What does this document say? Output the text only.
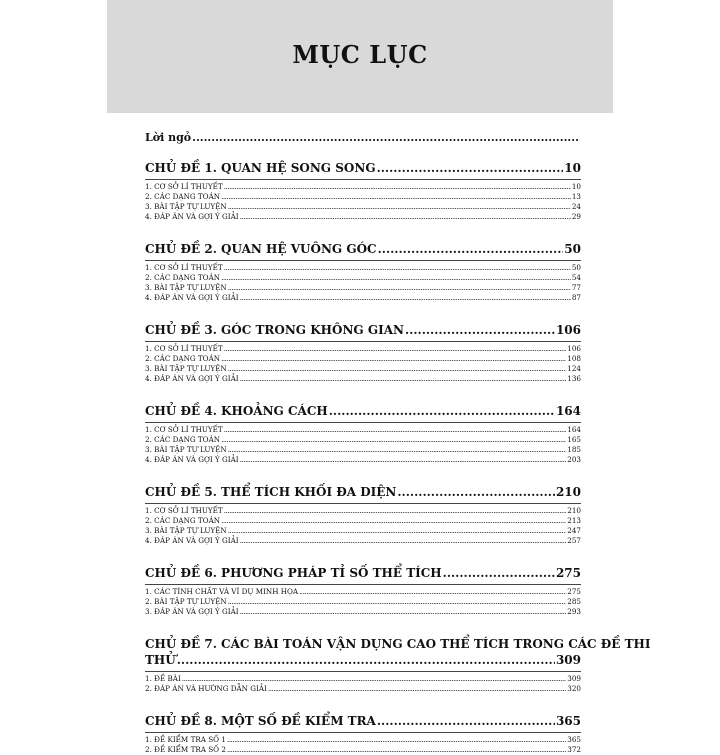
MỤC LỤC
Lời ngỏ
.....
CHỦ ĐỀ 1. QUAN HỆ SONG SONG .....	10
1. CƠ SỞ LÍ THUYẾT .....	10
2. CÁC DẠNG TOÁN .....	13
3. BÀI TẬP TỰ LUYỆN .....	24
4. ĐÁP ÁN VÀ GỢI Ý GIẢI .....	29
CHỦ ĐỀ 2. QUAN HỆ VUÔNG GÓC .....	50
1. CƠ SỞ LÍ THUYẾT .....	50
2. CÁC DẠNG TOÁN .....	54
3. BÀI TẬP TỰ LUYỆN .....	77
4. ĐÁP ÁN VÀ GỢI Ý GIẢI .....	87
CHỦ ĐỀ 3. GÓC TRONG KHÔNG GIAN .....	106
1. CƠ SỞ LÍ THUYẾT .....	106
2. CÁC DẠNG TOÁN .....	108
3. BÀI TẬP TỰ LUYỆN .....	124
4. ĐÁP ÁN VÀ GỢI Ý GIẢI .....	136
CHỦ ĐỀ 4. KHOẢNG CÁCH .....	164
1. CƠ SỞ LÍ THUYẾT .....	164
2. CÁC DẠNG TOÁN .....	165
3. BÀI TẬP TỰ LUYỆN .....	185
4. ĐÁP ÁN VÀ GỢI Ý GIẢI .....	203
CHỦ ĐỀ 5. THỂ TÍCH KHỐI ĐA DIỆN .....	210
1. CƠ SỞ LÍ THUYẾT .....	210
2. CÁC DẠNG TOÁN .....	213
3. BÀI TẬP TỰ LUYỆN .....	247
4. ĐÁP ÁN VÀ GỢI Ý GIẢI .....	257
CHỦ ĐỀ 6. PHƯƠNG PHÁP TỈ SỐ THỂ TÍCH .....	275
1. CÁC TÍNH CHẤT VÀ VÍ DỤ MINH HỌA .....	275
2. BÀI TẬP TỰ LUYỆN .....	285
3. ĐÁP ÁN VÀ GỢI Ý GIẢI .....	293
CHỦ ĐỀ 7. CÁC BÀI TOÁN VẬN DỤNG CAO THỂ TÍCH TRONG CÁC ĐỀ THI
THỬ .....	309
1. ĐỀ BÀI .....	309
2. ĐÁP ÁN VÀ HƯỚNG DẪN GIẢI .....	320
CHỦ ĐỀ 8. MỘT SỐ ĐỀ KIỂM TRA .....	365
1. ĐỀ KIỂM TRA SỐ 1 .....	365
2. ĐỀ KIỂM TRA SỐ 2 .....	372
